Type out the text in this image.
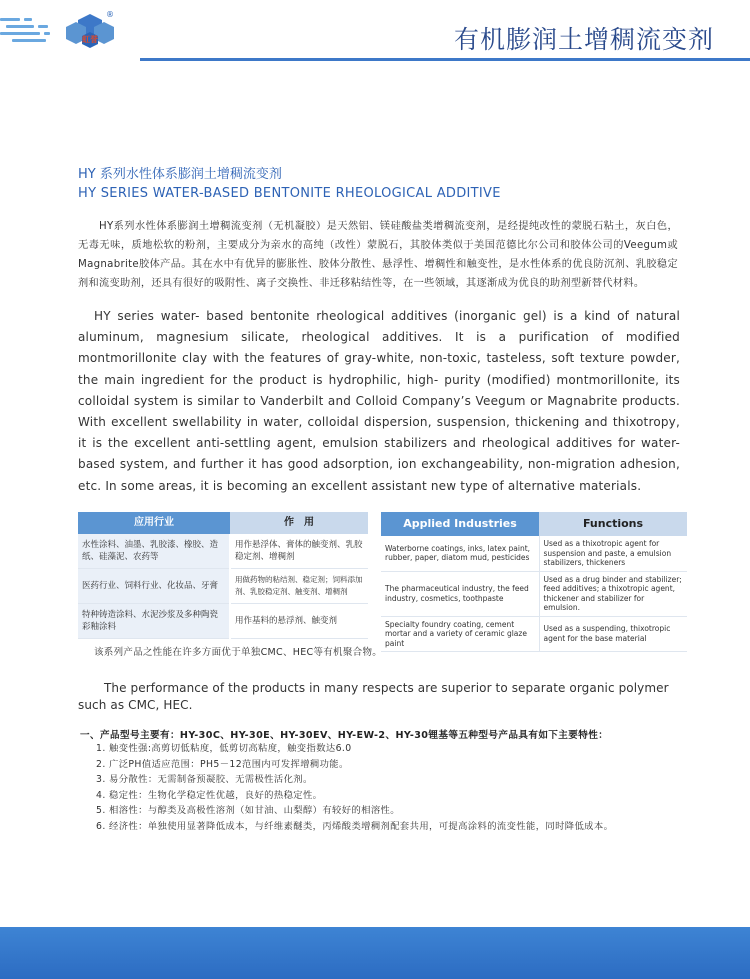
®
虹誉	有机膨润土增稠流变剂
HY 系列水性体系膨润土增稠流变剂
HY SERIES WATER-BASED BENTONITE RHEOLOGICAL ADDITIVE
HY系列水性体系膨润土增稠流变剂（无机凝胶）是天然铝、镁硅酸盐类增稠流变剂，是经提纯改性的蒙脱石粘土，灰白色，无毒无味，质地松软的粉剂，主要成分为亲水的高纯（改性）蒙脱石，其胶体类似于美国范德比尔公司和胶体公司的Veegum或Magnabrite胶体产品。其在水中有优异的膨胀性、胶体分散性、悬浮性、增稠性和触变性，是水性体系的优良防沉剂、乳胶稳定剂和流变助剂，还具有很好的吸附性、离子交换性、非迁移粘结性等，在一些领域，其逐渐成为优良的助剂型新替代材料。
HY series water- based bentonite rheological additives (inorganic gel) is a kind of natural aluminum, magnesium silicate, rheological additives. It is a purification of modified montmorillonite clay with the features of gray-white, non-toxic, tasteless, soft texture powder, the main ingredient for the product is hydrophilic, high- purity (modified) montmorillonite, its colloidal system is similar to Vanderbilt and Colloid Company’s Veegum or Magnabrite products. With excellent swellability in water, colloidal dispersion, suspension, thickening and thixotropy, it is the excellent anti-settling agent, emulsion stabilizers and rheological additives for water-based system, and further it has good adsorption, ion exchangeability, non-migration adhesion, etc. In some areas, it is becoming an excellent assistant new type of alternative materials.
应用行业	作　用
水性涂料、油墨、乳胶漆、橡胶、造纸、硅藻泥、农药等	用作悬浮体、膏体的触变剂、乳胶稳定剂、增稠剂
医药行业、饲料行业、化妆品、牙膏	用做药物的粘结剂、稳定剂；饲料添加剂、乳胶稳定剂、触变剂、增稠剂
特种铸造涂料、水泥沙浆及多种陶瓷彩釉涂料	用作基料的悬浮剂、触变剂
Applied Industries	Functions
Waterborne coatings, inks, latex paint, rubber, paper, diatom mud, pesticides	Used as a thixotropic agent for suspension and paste, a emulsion stabilizers, thickeners
The pharmaceutical industry, the feed industry, cosmetics, toothpaste	Used as a drug binder and stabilizer; feed additives; a thixotropic agent, thickener and stabilizer for emulsion.
Specialty foundry coating, cement mortar and a variety of ceramic glaze paint	Used as a suspending, thixotropic agent for the base material
该系列产品之性能在许多方面优于单独CMC、HEC等有机聚合物。
The performance of the products in many respects are superior to separate organic polymer such as CMC, HEC.
一、产品型号主要有：HY-30C、HY-30E、HY-30EV、HY-EW-2、HY-30锂基等五种型号产品具有如下主要特性：
1. 触变性强:高剪切低粘度，低剪切高粘度，触变指数达6.0
2. 广泛PH值适应范围：PH5－12范围内可发挥增稠功能。
3. 易分散性：无需制备预凝胶、无需极性活化剂。
4. 稳定性：生物化学稳定性优越，良好的热稳定性。
5. 相溶性：与醇类及高极性溶剂（如甘油、山梨醇）有较好的相溶性。
6. 经济性：单独使用显著降低成本，与纤维素醚类，丙烯酸类增稠剂配套共用，可提高涂料的流变性能，同时降低成本。
